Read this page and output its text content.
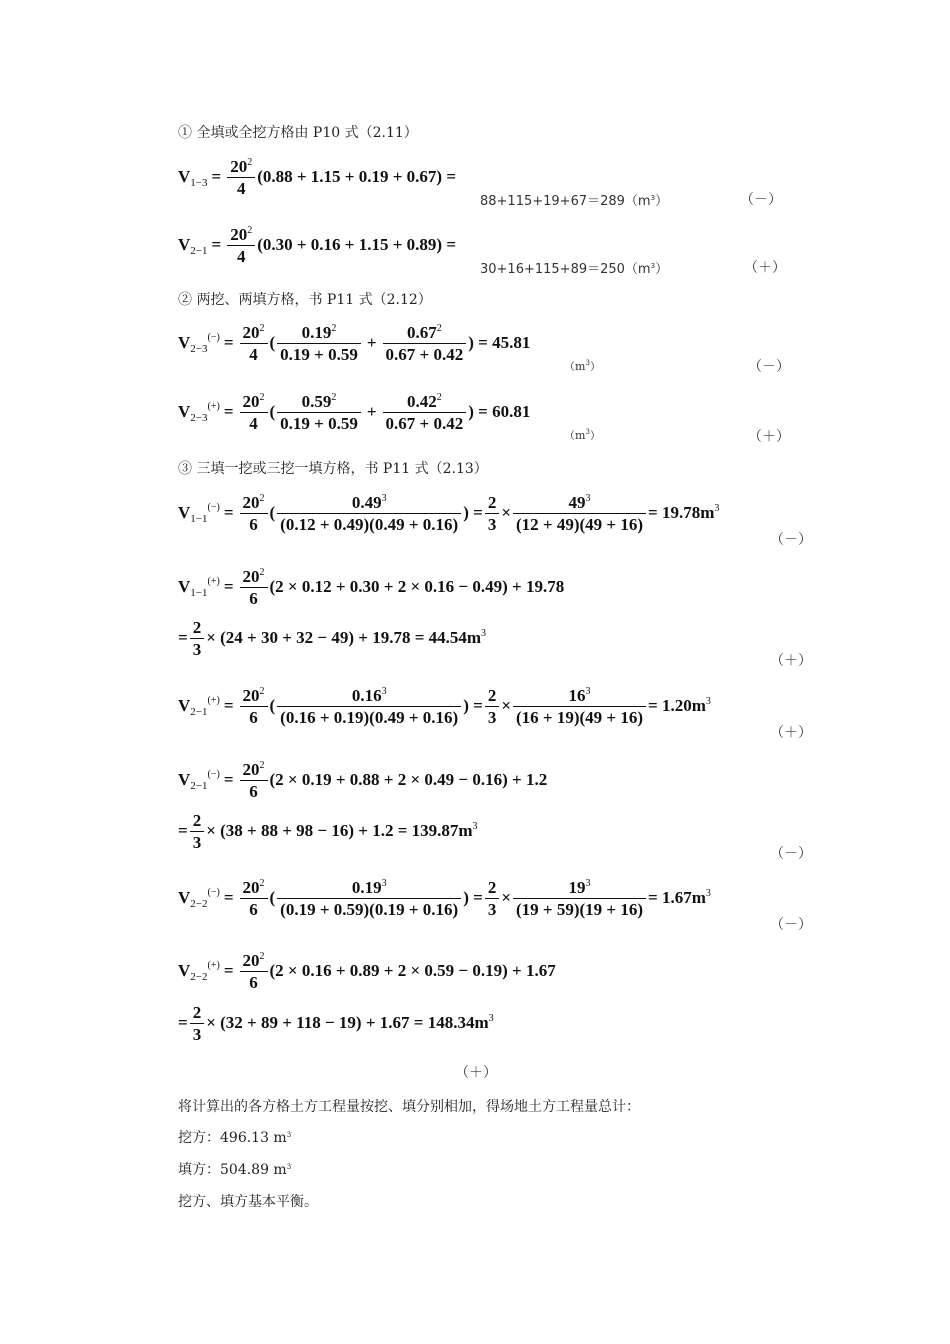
① 全填或全挖方格由 P10 式（2.11）
$V1-3 = \frac{202}{4} (0.88 + 1.15 + 0.19 + 0.67)$ =
$88+115+19+67=289(m^3)$	（－）
$V2-1 = \frac{202}{4} (0.30 + 0.16 + 1.15 + 0.89)$ =
$30+16+115+89=250(m^3)$	（＋）
② 两挖、两填方格，书 P11 式（2.12）
$V2-3(-) = \frac{202}{4}$ ( $\frac{0.192}{0.19 + 0.59} + \frac{0.672}{0.67 + 0.42}$ ) = 45.81
$(m^3)$	（－）
$V2-3(+) = \frac{202}{4}$ ( $\frac{0.592}{0.19 + 0.59} + \frac{0.422}{0.67 + 0.42}$ ) = 60.81
$(m^3)$	（＋）
③ 三填一挖或三挖一填方格，书 P11 式（2.13）
$V1-1(-) = \frac{202}{6}$ ( $\frac{0.493}{(0.12 + 0.49)(0.49 + 0.16)}$ ) = $\frac{2}{3} \times \frac{493}{(12 + 49)(49 + 16)} = 19.78m3$
（－）
$V1-1(+) = \frac{202}{6} (2 \times 0.12 + 0.30 + 2 \times 0.16 - 0.49) + 19.78$
= $\frac{2}{3} \times (24 + 30 + 32 - 49) + 19.78 = 44.54m3$
（＋）
$V2-1(+) = \frac{202}{6}$ ( $\frac{0.163}{(0.16 + 0.19)(0.49 + 0.16)}$ ) = $\frac{2}{3} \times \frac{163}{(16 + 19)(49 + 16)} = 1.20m3$
（＋）
$V2-1(-) = \frac{202}{6} (2 \times 0.19 + 0.88 + 2 \times 0.49 - 0.16) + 1.2$
= $\frac{2}{3} \times (38 + 88 + 98 - 16) + 1.2 = 139.87m3$
（－）
$V2-2(-) = \frac{202}{6}$ ( $\frac{0.193}{(0.19 + 0.59)(0.19 + 0.16)}$ ) = $\frac{2}{3} \times \frac{193}{(19 + 59)(19 + 16)} = 1.67m3$
（－）
$V2-2(+) = \frac{202}{6} (2 \times 0.16 + 0.89 + 2 \times 0.59 - 0.19) + 1.67$
= $\frac{2}{3} \times (32 + 89 + 118 - 19) + 1.67 = 148.34m3$
（＋）
将计算出的各方格土方工程量按挖、填分别相加，得场地土方工程量总计：
挖方：496.13 $m^3$
填方：504.89 $m^3$
挖方、填方基本平衡。
